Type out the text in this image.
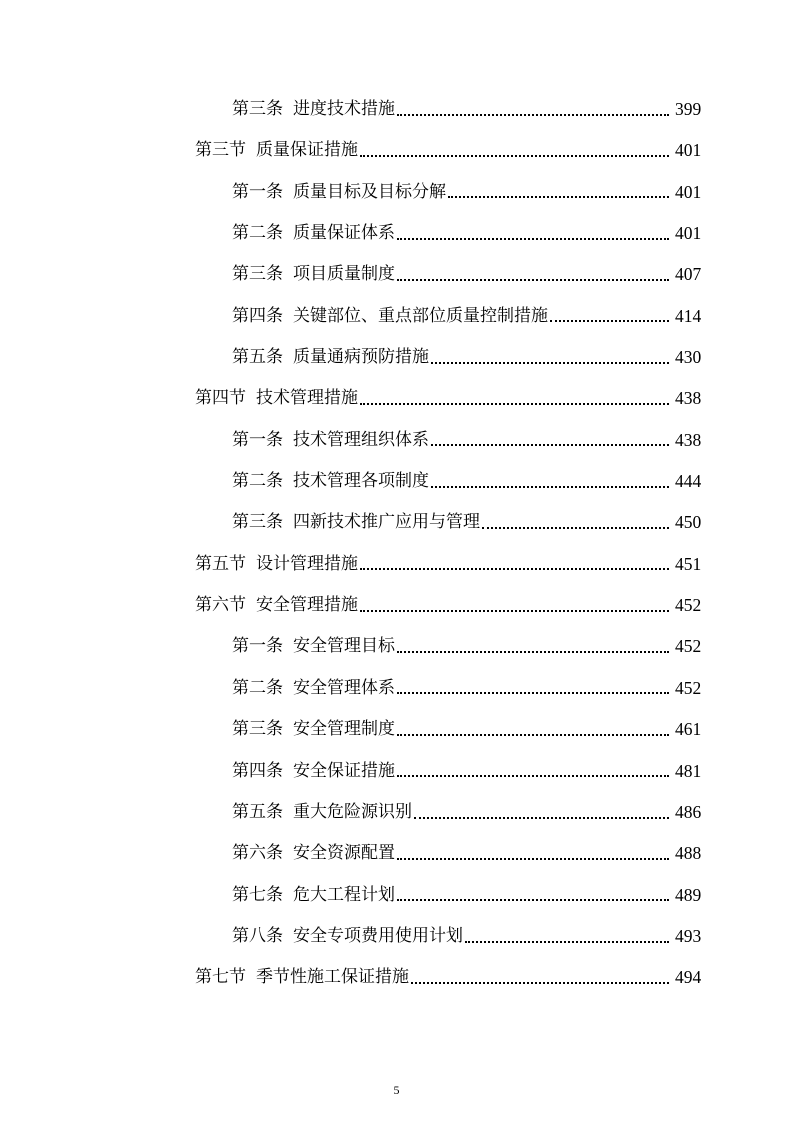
第三条 进度技术措施	399
第三节 质量保证措施	401
第一条 质量目标及目标分解	401
第二条 质量保证体系	401
第三条 项目质量制度	407
第四条 关键部位、重点部位质量控制措施	414
第五条 质量通病预防措施	430
第四节 技术管理措施	438
第一条 技术管理组织体系	438
第二条 技术管理各项制度	444
第三条 四新技术推广应用与管理	450
第五节 设计管理措施	451
第六节 安全管理措施	452
第一条 安全管理目标	452
第二条 安全管理体系	452
第三条 安全管理制度	461
第四条 安全保证措施	481
第五条 重大危险源识别	486
第六条 安全资源配置	488
第七条 危大工程计划	489
第八条 安全专项费用使用计划	493
第七节 季节性施工保证措施	494
5
